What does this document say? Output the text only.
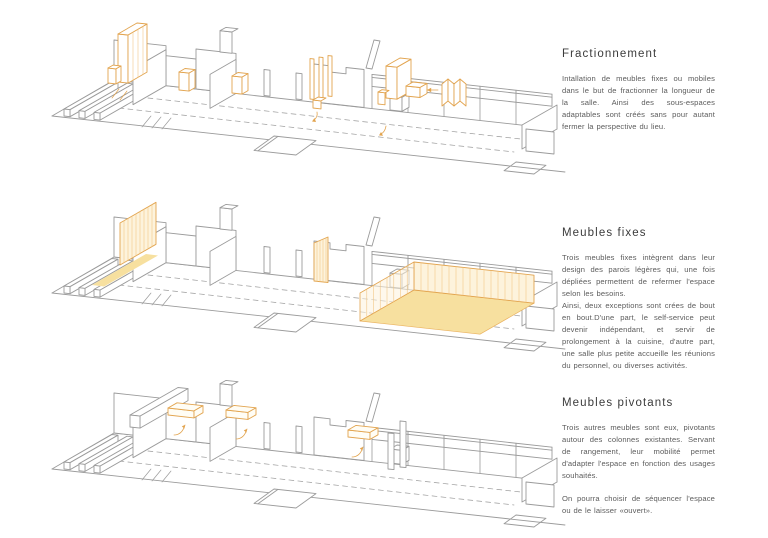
Fractionnement

Intallation de meubles fixes ou mobiles dans le but de fractionner la longueur de la salle. Ainsi des sous-espaces adaptables sont créés sans pour autant fermer la perspective du lieu.

Meubles fixes

Trois meubles fixes intègrent dans leur design des parois légères qui, une fois dépliées permettent de refermer l'espace selon les besoins.

Ainsi, deux exceptions sont crées de bout en bout.D'une part, le self-service peut devenir indépendant, et servir de prolongement à la cuisine, d'autre part, une salle plus petite accueille les réunions du personnel, ou diverses activités.

Meubles pivotants

Trois autres meubles sont eux, pivotants autour des colonnes existantes. Servant de rangement, leur mobilité permet d'adapter l'espace en fonction des usages souhaités.

On pourra choisir de séquencer l'espace ou de le laisser «ouvert».
